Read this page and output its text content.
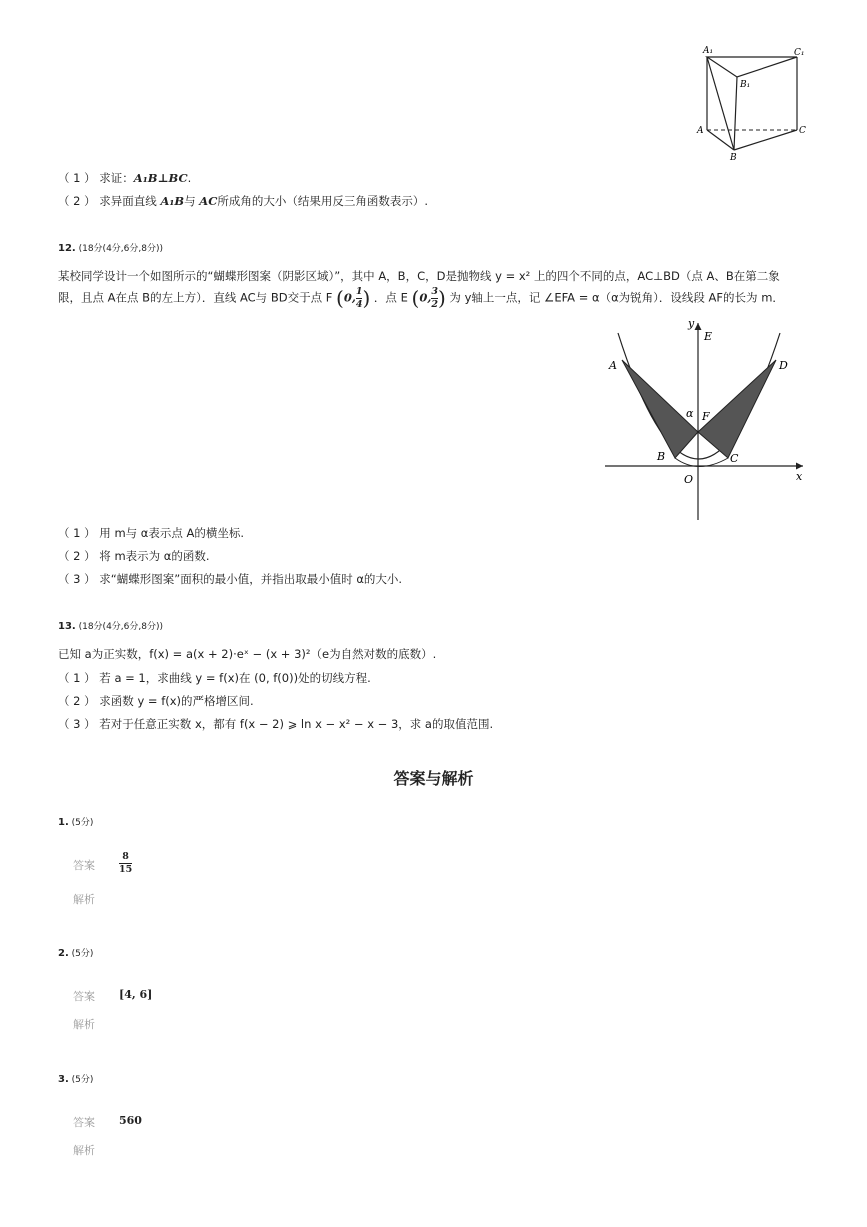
A₁	C₁
B₁
A	C
B
（ 1 ） 求证：A₁B⊥BC.
（ 2 ） 求异面直线 A₁B与 AC所成角的大小（结果用反三角函数表示）.
12. (18分(4分,6分,8分))
某校同学设计一个如图所示的“蝴蝶形图案（阴影区域）”，其中 A，B，C，D是抛物线 y = x² 上的四个不同的点，AC⊥BD（点 A、B在第二象
限，且点 A在点 B的左上方）．直线 AC与 BD交于点 F (0, $\frac{1}{4}$ ) ．点 E (0, $\frac{3}{2}$ ) 为 y轴上一点，记 ∠EFA = α（α为锐角）．设线段 AF的长为 m．
y
x
E
A	D
F
α
B	C
O
（ 1 ） 用 m与 α表示点 A的横坐标.
（ 2 ） 将 m表示为 α的函数.
（ 3 ） 求“蝴蝶形图案”面积的最小值，并指出取最小值时 α的大小.
13. (18分(4分,6分,8分))
已知 a为正实数，f(x) = a(x + 2)·eˣ − (x + 3)²（e为自然对数的底数）.
（ 1 ） 若 a = 1，求曲线 y = f(x)在 (0, f(0))处的切线方程.
（ 2 ） 求函数 y = f(x)的严格增区间.
（ 3 ） 若对于任意正实数 x，都有 f(x − 2) ⩾ ln x − x² − x − 3，求 a的取值范围.
答案与解析
1. (5分)
答案	$\frac{8}{15}$
解析
2. (5分)
答案 [4, 6]
解析
3. (5分)
答案 560
解析
